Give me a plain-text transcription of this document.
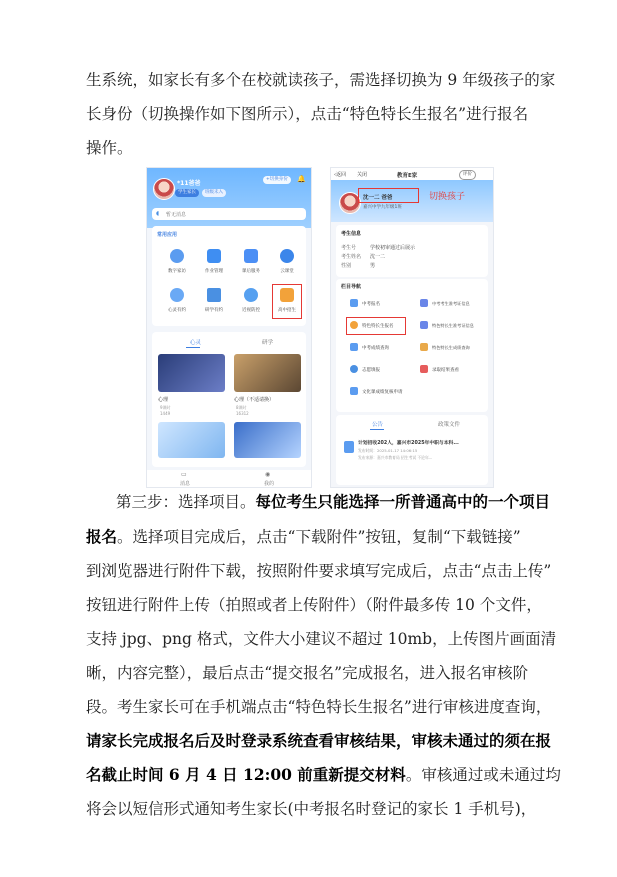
生系统，如家长有多个在校就读孩子，需选择切换为 9 年级孩子的家
长身份（切换操作如下图所示），点击“特色特长生报名”进行报名
操作。
*11爸爸
学生家长	班级未入
+切换身份	🔔
◖ 暂无消息
常用应用
数字家访	作业管理	课后服务	云课堂
心灵有约	研学有约	近视防控	高中招生
心灵	研学
心理	心理（不适请换）
9课时	8课时
1449	16312
▭
消息
◉
我的
‹返回 关闭	教育E家	评价
沈一二 爸爸
嘉兴中学九年级1班
切换孩子
考生信息
考生号	学校初审通过后展示
考生姓名 沈一二
性别	男
栏目导航
中考报名	中考考生准考证信息
特色特长生报名	特色特长生准考证信息
中考成绩查询	特色特长生成绩查询
志愿填报	录取结果查看
文化课成绩复核申请
公告	政策文件
计划招收202人，嘉兴市2025年中职与本科...
发布时间：2025-01-17 14:06:15
发布来源：嘉兴市教育局 招生考试 不论年...
第三步：选择项目。每位考生只能选择一所普通高中的一个项目
报名。选择项目完成后，点击“下载附件”按钮，复制“下载链接”
到浏览器进行附件下载，按照附件要求填写完成后，点击“点击上传”
按钮进行附件上传（拍照或者上传附件）（附件最多传 10 个文件，
支持 jpg、png 格式，文件大小建议不超过 10mb，上传图片画面清
晰，内容完整），最后点击“提交报名”完成报名，进入报名审核阶
段。考生家长可在手机端点击“特色特长生报名”进行审核进度查询，
请家长完成报名后及时登录系统查看审核结果，审核未通过的须在报
名截止时间 6 月 4 日 12:00 前重新提交材料。审核通过或未通过均
将会以短信形式通知考生家长(中考报名时登记的家长 1 手机号)，
